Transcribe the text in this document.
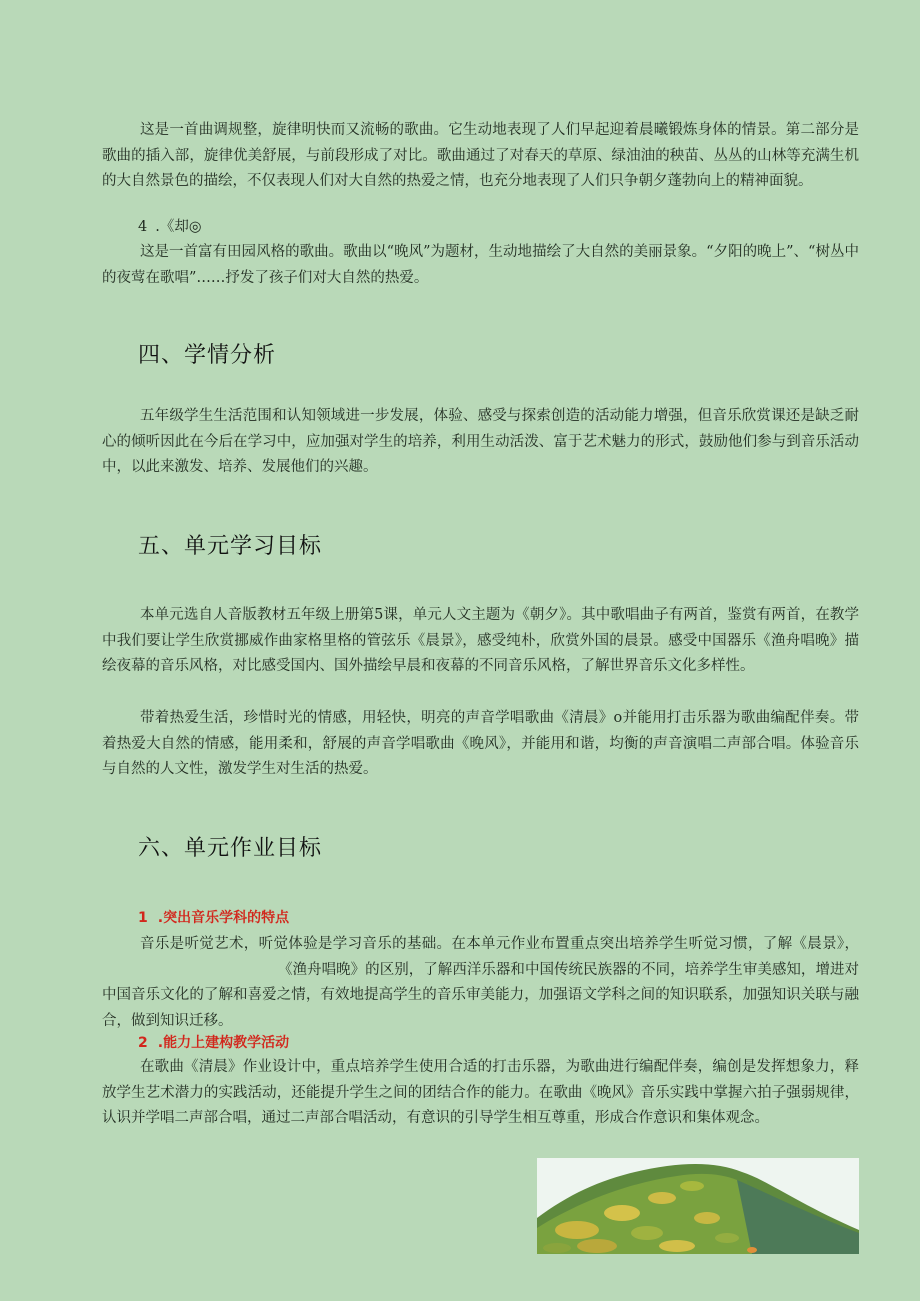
这是一首曲调规整，旋律明快而又流畅的歌曲。它生动地表现了人们早起迎着晨曦锻炼身体的情景。第二部分是歌曲的插入部，旋律优美舒展，与前段形成了对比。歌曲通过了对春天的草原、绿油油的秧苗、丛丛的山林等充满生机的大自然景色的描绘，不仅表现人们对大自然的热爱之情，也充分地表现了人们只争朝夕蓬勃向上的精神面貌。

4 .《却◎

这是一首富有田园风格的歌曲。歌曲以“晚风”为题材，生动地描绘了大自然的美丽景象。“夕阳的晚上”、“树丛中的夜莺在歌唱”……抒发了孩子们对大自然的热爱。

四、学情分析

五年级学生生活范围和认知领域进一步发展，体验、感受与探索创造的活动能力增强，但音乐欣赏课还是缺乏耐心的倾听因此在今后在学习中，应加强对学生的培养，利用生动活泼、富于艺术魅力的形式，鼓励他们参与到音乐活动中，以此来激发、培养、发展他们的兴趣。

五、单元学习目标

本单元选自人音版教材五年级上册第5课，单元人文主题为《朝夕》。其中歌唱曲子有两首，鉴赏有两首，在教学中我们要让学生欣赏挪威作曲家格里格的管弦乐《晨景》，感受纯朴，欣赏外国的晨景。感受中国器乐《渔舟唱晚》描绘夜幕的音乐风格，对比感受国内、国外描绘早晨和夜幕的不同音乐风格，了解世界音乐文化多样性。

带着热爱生活，珍惜时光的情感，用轻快，明亮的声音学唱歌曲《清晨》o并能用打击乐器为歌曲编配伴奏。带着热爱大自然的情感，能用柔和，舒展的声音学唱歌曲《晚风》，并能用和谐，均衡的声音演唱二声部合唱。体验音乐与自然的人文性，激发学生对生活的热爱。

六、单元作业目标

1 .突出音乐学科的特点

音乐是听觉艺术，听觉体验是学习音乐的基础。在本单元作业布置重点突出培养学生听觉习惯，了解《晨景》，《渔舟唱晚》的区别，了解西洋乐器和中国传统民族器的不同，培养学生审美感知，增进对中国音乐文化的了解和喜爱之情，有效地提高学生的音乐审美能力，加强语文学科之间的知识联系，加强知识关联与融合，做到知识迁移。

2 .能力上建构教学活动

在歌曲《清晨》作业设计中，重点培养学生使用合适的打击乐器，为歌曲进行编配伴奏，编创是发挥想象力，释放学生艺术潜力的实践活动，还能提升学生之间的团结合作的能力。在歌曲《晚风》音乐实践中掌握六拍子强弱规律，认识并学唱二声部合唱，通过二声部合唱活动，有意识的引导学生相互尊重，形成合作意识和集体观念。
